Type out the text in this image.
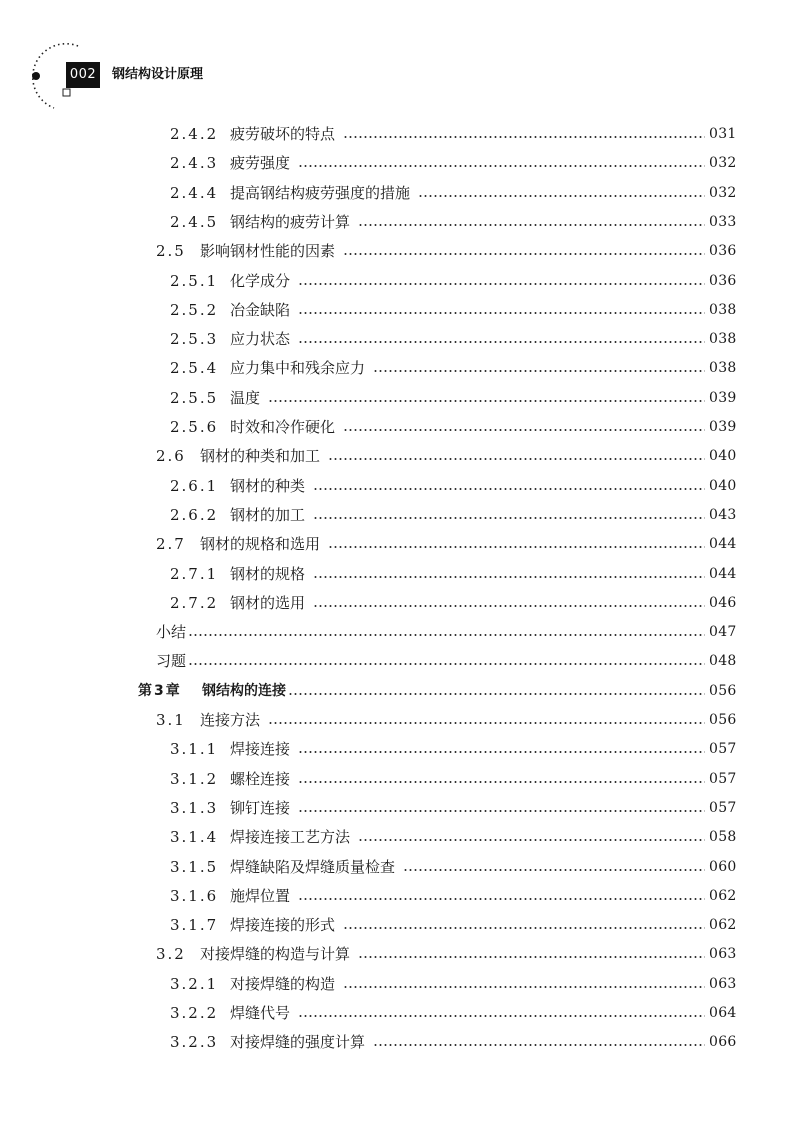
002 钢结构设计原理
2.4.2 疲劳破坏的特点	031
2.4.3 疲劳强度	032
2.4.4 提高钢结构疲劳强度的措施	032
2.4.5 钢结构的疲劳计算	033
2.5 影响钢材性能的因素	036
2.5.1 化学成分	036
2.5.2 冶金缺陷	038
2.5.3 应力状态	038
2.5.4 应力集中和残余应力	038
2.5.5 温度	039
2.5.6 时效和冷作硬化	039
2.6 钢材的种类和加工	040
2.6.1 钢材的种类	040
2.6.2 钢材的加工	043
2.7 钢材的规格和选用	044
2.7.1 钢材的规格	044
2.7.2 钢材的选用	046
小结	047
习题	048
第3章	钢结构的连接	056
3.1 连接方法	056
3.1.1 焊接连接	057
3.1.2 螺栓连接	057
3.1.3 铆钉连接	057
3.1.4 焊接连接工艺方法	058
3.1.5 焊缝缺陷及焊缝质量检查	060
3.1.6 施焊位置	062
3.1.7 焊接连接的形式	062
3.2 对接焊缝的构造与计算	063
3.2.1 对接焊缝的构造	063
3.2.2 焊缝代号	064
3.2.3 对接焊缝的强度计算	066
